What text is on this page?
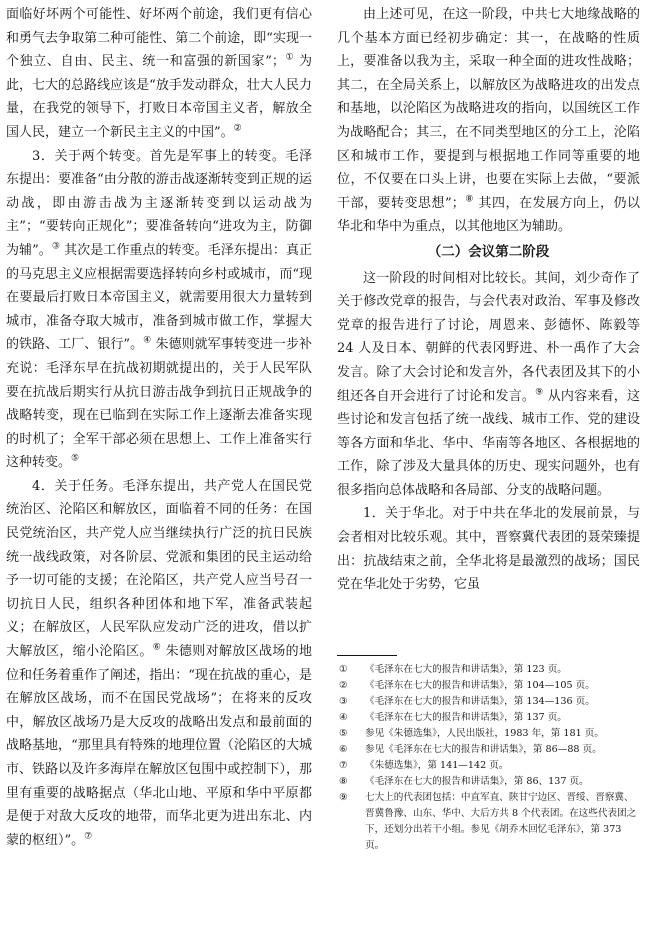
面临好坏两个可能性、好坏两个前途，我们更有信心和勇气去争取第二种可能性、第二个前途，即“实现一个独立、自由、民主、统一和富强的新国家”；① 为此，七大的总路线应该是“放手发动群众，壮大人民力量，在我党的领导下，打败日本帝国主义者，解放全国人民，建立一个新民主主义的中国”。②

3．关于两个转变。首先是军事上的转变。毛泽东提出：要准备“由分散的游击战逐渐转变到正规的运动战，即由游击战为主逐渐转变到以运动战为主”；“要转向正规化”；要准备转向“进攻为主，防御为辅”。③ 其次是工作重点的转变。毛泽东提出：真正的马克思主义应根据需要选择转向乡村或城市，而“现在要最后打败日本帝国主义，就需要用很大力量转到城市，准备夺取大城市，准备到城市做工作，掌握大的铁路、工厂、银行”。④ 朱德则就军事转变进一步补充说：毛泽东早在抗战初期就提出的，关于人民军队要在抗战后期实行从抗日游击战争到抗日正规战争的战略转变，现在已临到在实际工作上逐渐去准备实现的时机了；全军干部必须在思想上、工作上准备实行这种转变。⑤

4．关于任务。毛泽东提出，共产党人在国民党统治区、沦陷区和解放区，面临着不同的任务：在国民党统治区，共产党人应当继续执行广泛的抗日民族统一战线政策，对各阶层、党派和集团的民主运动给予一切可能的支援；在沦陷区，共产党人应当号召一切抗日人民，组织各种团体和地下军，准备武装起义；在解放区，人民军队应发动广泛的进攻，借以扩大解放区，缩小沦陷区。⑥ 朱德则对解放区战场的地位和任务着重作了阐述，指出：“现在抗战的重心，是在解放区战场，而不在国民党战场”；在将来的反攻中，解放区战场乃是大反攻的战略出发点和最前面的战略基地，“那里具有特殊的地理位置（沦陷区的大城市、铁路以及许多海岸在解放区包围中或控制下），那里有重要的战略据点（华北山地、平原和华中平原都是便于对敌大反攻的地带，而华北更为进出东北、内蒙的枢纽）”。⑦

由上述可见，在这一阶段，中共七大地缘战略的几个基本方面已经初步确定：其一，在战略的性质上，要准备以我为主，采取一种全面的进攻性战略；其二，在全局关系上，以解放区为战略进攻的出发点和基地，以沦陷区为战略进攻的指向，以国统区工作为战略配合；其三，在不同类型地区的分工上，沦陷区和城市工作，要提到与根据地工作同等重要的地位，不仅要在口头上讲，也要在实际上去做，“要派干部，要转变思想”；⑧ 其四，在发展方向上，仍以华北和华中为重点，以其他地区为辅助。

（二）会议第二阶段

这一阶段的时间相对比较长。其间，刘少奇作了关于修改党章的报告，与会代表对政治、军事及修改党章的报告进行了讨论，周恩来、彭德怀、陈毅等 24 人及日本、朝鲜的代表冈野进、朴一禹作了大会发言。除了大会讨论和发言外，各代表团及其下的小组还各自开会进行了讨论和发言。⑨ 从内容来看，这些讨论和发言包括了统一战线、城市工作、党的建设等各方面和华北、华中、华南等各地区、各根据地的工作，除了涉及大量具体的历史、现实问题外，也有很多指向总体战略和各局部、分支的战略问题。

1．关于华北。对于中共在华北的发展前景，与会者相对比较乐观。其中，晋察冀代表团的聂荣臻提出：抗战结束之前，全华北将是最激烈的战场；国民党在华北处于劣势，它虽

①	《毛泽东在七大的报告和讲话集》，第 123 页。
②	《毛泽东在七大的报告和讲话集》，第 104—105 页。
③	《毛泽东在七大的报告和讲话集》，第 134—136 页。
④	《毛泽东在七大的报告和讲话集》，第 137 页。
⑤	参见《朱德选集》，人民出版社，1983 年，第 181 页。
⑥	参见《毛泽东在七大的报告和讲话集》，第 86—88 页。
⑦	《朱德选集》，第 141—142 页。
⑧	《毛泽东在七大的报告和讲话集》，第 86、137 页。
⑨	七大上的代表团包括：中直军直、陕甘宁边区、晋绥、晋察冀、晋冀鲁豫、山东、华中、大后方共 8 个代表团。在这些代表团之下，还划分出若干小组。参见《胡乔木回忆毛泽东》，第 373 页。
